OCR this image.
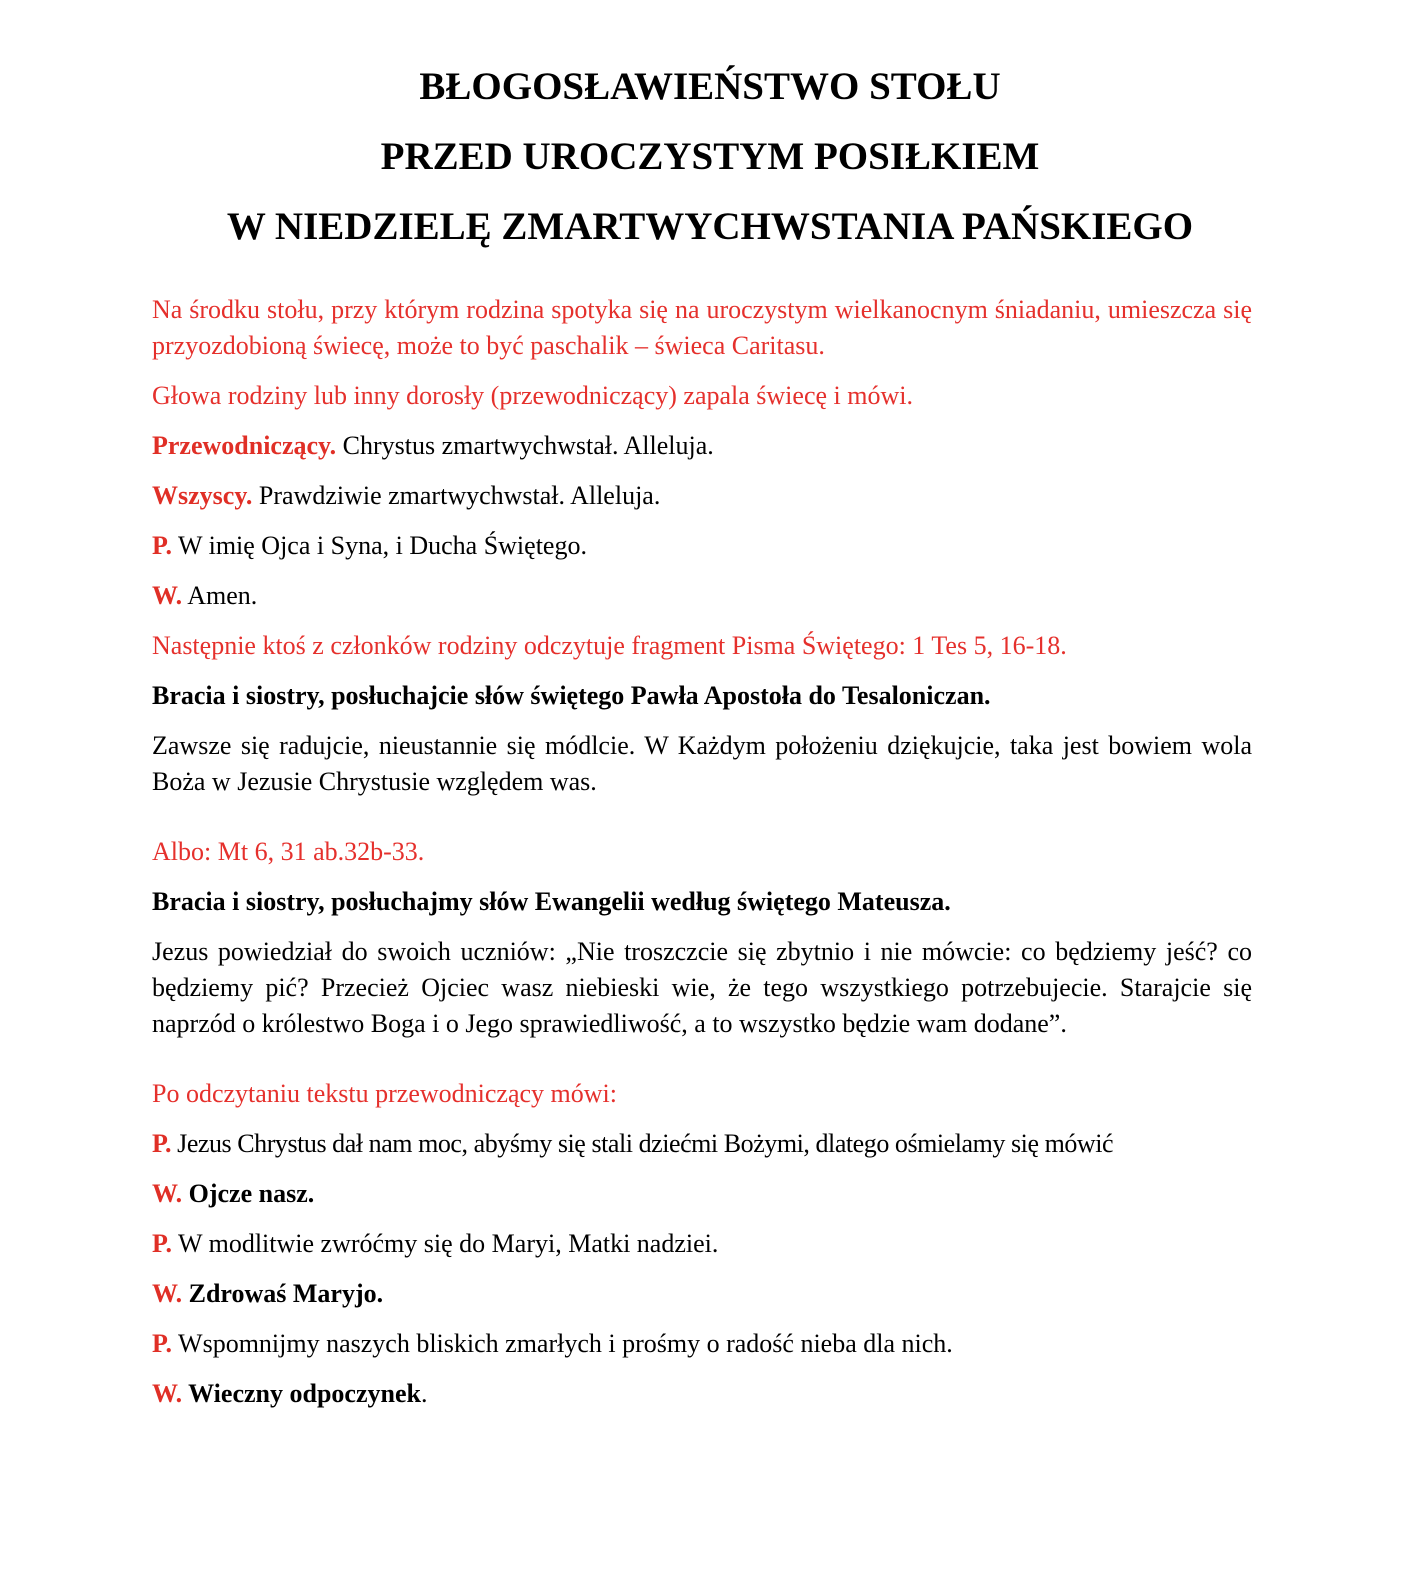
BŁOGOSŁAWIEŃSTWO STOŁU
PRZED UROCZYSTYM POSIŁKIEM
W NIEDZIELĘ ZMARTWYCHWSTANIA PAŃSKIEGO

Na środku stołu, przy którym rodzina spotyka się na uroczystym wielkanocnym śniadaniu, umieszcza się przyozdobioną świecę, może to być paschalik – świeca Caritasu.

Głowa rodziny lub inny dorosły (przewodniczący) zapala świecę i mówi.

Przewodniczący. Chrystus zmartwychwstał. Alleluja.

Wszyscy. Prawdziwie zmartwychwstał. Alleluja.

P. W imię Ojca i Syna, i Ducha Świętego.

W. Amen.

Następnie ktoś z członków rodziny odczytuje fragment Pisma Świętego: 1 Tes 5, 16-18.

Bracia i siostry, posłuchajcie słów świętego Pawła Apostoła do Tesaloniczan.

Zawsze się radujcie, nieustannie się módlcie. W Każdym położeniu dziękujcie, taka jest bowiem wola Boża w Jezusie Chrystusie względem was.

Albo: Mt 6, 31 ab.32b-33.

Bracia i siostry, posłuchajmy słów Ewangelii według świętego Mateusza.

Jezus powiedział do swoich uczniów: „Nie troszczcie się zbytnio i nie mówcie: co będziemy jeść? co będziemy pić? Przecież Ojciec wasz niebieski wie, że tego wszystkiego potrzebujecie. Starajcie się naprzód o królestwo Boga i o Jego sprawiedliwość, a to wszystko będzie wam dodane”.

Po odczytaniu tekstu przewodniczący mówi:

P. Jezus Chrystus dał nam moc, abyśmy się stali dziećmi Bożymi, dlatego ośmielamy się mówić

W. Ojcze nasz.

P. W modlitwie zwróćmy się do Maryi, Matki nadziei.

W. Zdrowaś Maryjo.

P. Wspomnijmy naszych bliskich zmarłych i prośmy o radość nieba dla nich.

W. Wieczny odpoczynek.
